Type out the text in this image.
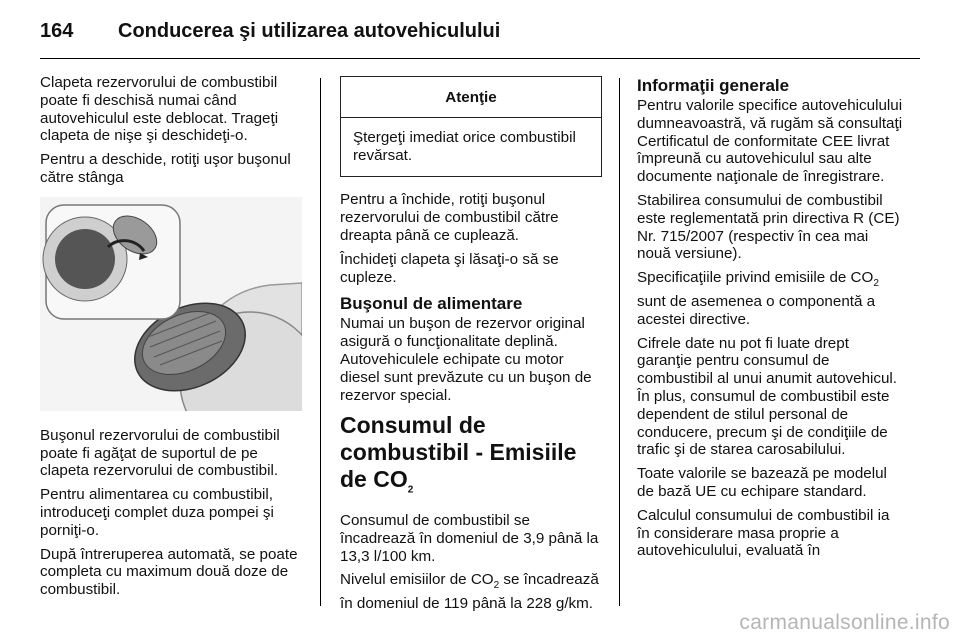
164 Conducerea şi utilizarea autovehiculului

Clapeta rezervorului de combustibil poate fi deschisă numai când autovehiculul este deblocat. Trageţi clapeta de nişe şi deschideţi-o.

Pentru a deschide, rotiţi uşor buşonul către stânga

Buşonul rezervorului de combustibil poate fi agăţat de suportul de pe clapeta rezervorului de combustibil.

Pentru alimentarea cu combustibil, introduceţi complet duza pompei şi porniţi-o.

După întreruperea automată, se poate completa cu maximum două doze de combustibil.

Atenţie
Ştergeţi imediat orice combustibil revărsat.

Pentru a închide, rotiţi buşonul rezervorului de combustibil către dreapta până ce cuplează.

Închideţi clapeta şi lăsaţi-o să se cupleze.

Buşonul de alimentare

Numai un buşon de rezervor original asigură o funcţionalitate deplină. Autovehiculele echipate cu motor diesel sunt prevăzute cu un buşon de rezervor special.

Consumul de combustibil - Emisiile de $CO_2$

Consumul de combustibil se încadrează în domeniul de 3,9 până la 13,3 l/100 km.

Nivelul emisiilor de $CO_2$ se încadrează în domeniul de 119 până la 228 g/km.

Informaţii generale

Pentru valorile specifice autovehiculului dumneavoastră, vă rugăm să consultaţi Certificatul de conformitate CEE livrat împreună cu autovehiculul sau alte documente naţionale de înregistrare.

Stabilirea consumului de combustibil este reglementată prin directiva R (CE) Nr. 715/2007 (respectiv în cea mai nouă versiune).

Specificaţiile privind emisiile de $CO_2$ sunt de asemenea o componentă a acestei directive.

Cifrele date nu pot fi luate drept garanţie pentru consumul de combustibil al unui anumit autovehicul. În plus, consumul de combustibil este dependent de stilul personal de conducere, precum şi de condiţiile de trafic şi de starea carosabilului.

Toate valorile se bazează pe modelul de bază UE cu echipare standard.

Calculul consumului de combustibil ia în considerare masa proprie a autovehiculului, evaluată în

carmanualsonline.info
